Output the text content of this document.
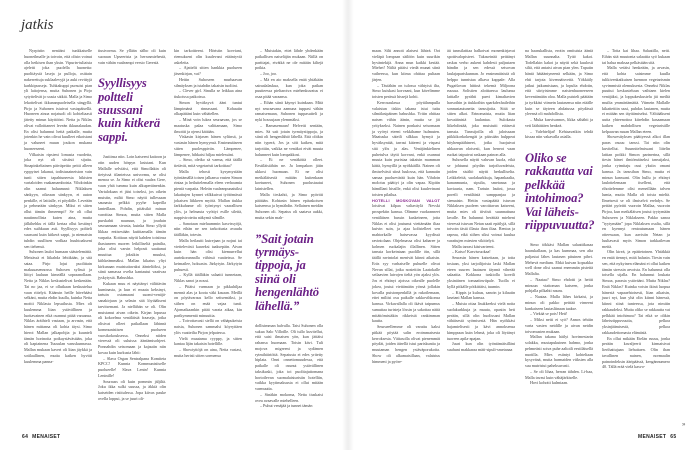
jatkis

Nyrpistin nenääni tunkkaiselle huoneilmalle ja toivoin, että olisin voinut olla hetkisen ihan yksin. Vipurin-tuliaisia ajeletti joka puolella huonetta: puolitäysiä laseja ja pulloja, osittain nakerrettuja suklaalevyjä ja auki revittyjä karkkipusseja. Tuhkakuppi pursuisi pian yli laitojensa, mutta Suhonen ja Pirjo sytyttelivät jo uusia sätkiä. Malla ja Simo lekottelivat ikkunanpuoleisella sängyllä. Pirjo ja Suhonen istuivat vastapäisellä. Huoneen ainoa nojatuoli oli kohteliaasti jätetty minun käyttööni. Netta ja Niklas olivat valloittaneet leveän ikkunalaudan. En olisi halunnut heitä paikalle, mutta jotenkin he vain olivat kuulleet etkoistani ja valuneet muun joukon mukana huoneeseeni.

Vilkaisin ripsieni lomasta vuodetta, joka nyt oli siististi sijattu. Sinapinkeltainen päiväpeitto peitti alleen ryppyiset lakanat, todistusaineiston vain tunti sitten tapahtuneesta hikisten vartaloiden vaakamamboista. Vihdoinkin olin saanut haluamani: Niklaksen sänkyyn, oikeaan sänkyyn, ei auton penkille, ei lattialle, ei pöydälle. Leveään ja pehmeään sänkyyn. Miksi ei sitten ollut tämän ihmeempi? Se oli ollut nautinnollista kuten aina, mutta jälkihehku ei tällä kertaa ollut kestänyt edes suihkuun asti. Syyllisyys poltteli suussani kuin kitkerä sappi, ja niemaisin tuhdin suullisen vodkaa huuhtoakseni sen tiehensä.

Suhonen lauloi humaan säästelemättä. Metsässä ei liikahda lehtikään, ja sitä sataa. Pirjo lojui puolittain makuuasennossa Suhosen sylissä ja liittyi lauluun kimeällä sopraanollaan. Netta ja Niklas keskustelivat keskenään. Tai no jaa, ei se ollutkaan keskustelua vaan riitelyä. Käänsin heille hävehääsi selkäni, mutta ehdin kuulla, kuinka Netta moitti Niklasta lepsuilusta. Mies oli kuulemma liian ystävällinen ja luottavainen eikä osannut pitää varaansa. Niklas äräihteli vastaan, ja arvasin, että hänen mittansa oli kohta täysi. Simo hieroi Mallan jalkapohjia ja kuunteli tämän horinoita poikaystävästään, joka oli kapiainena Tuusulan varuskunnassa. Mallan mukaan kaveri oli liian jäykkä ja sotilaallinen, mutta kaiken hyvitti kuulemma panna-

tiusivorma. Se yllään sälbo oli kuin suoraan Upseerista ja herrasmiehestä, vain vähän vaaleampi versio Gerestä.

Syyllisyys poltteli suussani kuin kitkerä sappi.

Justiinsa niin. Loin katseeni kattoon ja otin uuden hörpyn lasistani. Kun Mallalle selviäisi, että Simollakin oli tietyissä tilanteissa univormu, se olisi menoa se. Ja Simo ei olisi vaalea Gere, vaan yhtä tumma kuin alkuperäinenkin. Vartalokaan ei jäisi toiseksi, jos oikein muistin, miltä Simo näytti tullessaan saunasta pelkkä pyyhe kapeilla lanteillaan. Pohdin, pitäisikö minun varoittaa Simoa, mutta sitten Malla purskahti nauruun, ja jouduin seuraamaan sivusta, kuinka Simo yllytti likkaa entisestään kutittamalla tämän varpaita. Koittaus näytti kahden toisiinsa ihastuneen nuoren leikilliseltä painilta, joka olisi varsin helposti saattanut muuttua joksikin muuksi, kiihkeämmäksi. Mallan kikatus yltyi kirkunaan muistuttavaksi äänteliöksi, ja siinä samassa ovelta kantautui vaativaa jyskytystä. Babushka.

Kukaan muu ei näyttänyt välittävän kuminasta, ja kun ei muuta keksinyt, tartuin ostamaani suomi-venäjä-sanakirjaan ja selasin sitä löytääkseni tarvitsemani. Ja niellähän se oli. Olin muistanut aivan oikein. Kirjan lopussa oli kokoelma venäläisiä fraaseja, jotka olisivat olleet paikallaan lähinnä kommunistisen puolueen vuosikokouksessa. Onneksi niiden vieressä oli suluissa ääntämisohjeet. Ponnahdin seisomaan ja kajautin niin kovaa kuin kurkusta lähti:

– Slava Organ Sentralpana Komiteta KPCC! Kunnia Kommunistiselle puolueelle! Slava Lenin! Kunnia Leninille!

Sourauss oli kuin pommin jäljiltä. Joku ikka sulki suussa, ja äkkiä olin katseiden ristitulessa. Jopa kiivas pauke ovella loppui, ja se juuri oli-

kin tarkoitteeni. Höristin korviani, riemukseni olin kuulevani etääntyviä askeleita.

– Ajattelit sitten hankkia puolueen jäsenkirjan, vai?

Heitin Suhoseen murhaavan silmäyksen ja istahdin takaisin tuoliini.

– Clever girl. Sinulla se leikkaa aina tiukoissa paikoissa.

Simon hyväksyvä ääni tuntui lämpimänä rinnassani. Kohautin olkapäitäni kuin vähätellen.

– Minä voin lukea seuraavan, jos se maatuska palaa valittamaan, Simo ilmoitti ja ojensi kättään.

Viskasin kirjasen hänen syliinsä, ja vastasin hänen hymyynsä. Ensimmäiseen sitten puolesppivän. Lämpenee, lämpenee, hihkaisi hiljaa mielessäni.

– Simo, oletko sä varma, että täällä tietävät, mitä vegetaristi tarkoittaa?

Malla tehosti kysymystään työntämällä toisen jalkansa vasten Simon rintaa ja heiluttelemalla eleen verhoamia pieniä varpaita. Heleän vaaleanpunaisiksi lakattujen kynnet välkkuivat työtömässä jokaisen liikkeen myötä. Mallan tiukka farkkuhame oli työntynyt vaarallisen ylös, ja helmasta vyöttyi esille sileitä, nappivirotettu näkymä silmille.

– Sanotaan mieluummin kasvissyöjä, niin eihän ne sen tarkoitusta avaudu täälläkin, totesin.

Malla heilautti kutrejaan ja nojasi tai viettelevästi kaareksi taaksepäin. Aivan kuin hän olisi kiemurrellut aurinkorannalla vähissä vaatteissa. Se keimailee, hoksasin. Järkytyin. Järkytyin puhuesti.

– Kyllä täälläkin salaatti tunnetaan, Niklas sanoi ja nousi.

– Pitäisi varmaan jo pikkuhiljaa mennä alas ja koota väki kasaan. Meillä on pöytävaraus kello seitsemäksi, ja siihen on enää vajaa tunti. Ajomatkaankin pitää varata aikaa, kin parikymmentä minuuttia.

– Toivottavasti siellä on vähäpukeisia naisia, Suhonen sammalsi köyryttäen ylös vaatteilta Pirjon jelpatessa.

Vielä muutama ryyppy, ja sitten kantaa lijän takaisin hotellille.

– Showtyttöjä on aina, Netta vastasi, mutta heristi sitten sormensa

– Muistakin, ettet lähde yhdenkään paikallisen naiseläjän mukaan. Niillä on parittajat, eivätkä ne ole mitään kiltejä poikia.

– Joo, joo.

– Mä en aio maksella enää yhtäkään sairaalalaskua, kun joka paikan puutteessa pieltaroiva miehenkuvatus ei osaa pitää varaansa.

– Eihän siinä käynyt kuinkaan. Mitä nyt seuraavana aamuna tuppasi vähän ramaisemaan, Suhonen tuppasutteli ja nyki housujaan ylemmäksi.

– Ramasemaan! Helvetti sentään, mies. Sä sait jotain tyrmäystippoja, ja siinä oli hengenlähtö lähellä. Että olitkin niin typerä, Jos ja söit kaiken, mitä tarjottiin, vaikka ne venäkot eivät muuta halunneet kuin lompakkosi.

– Ei ne venäköitä olleet. Eestiläisiähän ne. Ja lompakon jätin ukkosi huomaan. Ei ne olisi meikäläisestä mitään kuitenkaan koetuneet, Suhonen puolustautui lainistellen.

Malla tirskahti, ja Simo pyöritti päätään. Kohtasin hänen epäuskoisen katseensa ja hymähdin. Sellainen meidän Suhonen oli. Sepaius oli saatava aukki, mutta sekin mah-

”Sait jotain tyrmäys-tippoja, ja siinä oli hengenlähtö lähellä.”

dollisimman halvalla. Taisi Suhonen olla sukua Salo Villoille. Oli tullo kuvitellut, että saisi ilmaisen yön, kun jättäisi rahansa huomaan. Toisin kävi. Tuli mojova migreeni ja sydämen rytmihäiriöitä. Sepaiusta ei edes yritetty hiplata. Onni onnettomuudessa, että paikalle oli osunut ystävällinen taksikuski, joka toi puolitajuttomana hortoilevan suomalaisturistin hotelliin, vaikka kyytimaksusta ei ollut mitään varmuutta.

– Sinäkin mokoma, Netta tiuskaisi ovea avaavalle miehelleen.

– Puhut venäjää ja tunnet tämän

64 MENAISET

maan. Silti annoit alaisesi lähteä. Oot vieläpä lompsan säilöön kuin suurikin hyväntekijä. Anna mun kaikki kestää. Miehet! Niiltä pitäisi viedä munat siinä vaiheessa, kun kiima ohittaa pultaan järjen.

– Tästähän on tulossa vähtyisä ilta, Simo kuiskasi korvaani, kun kävelimme toisten perässä hissejä kohti.

Kerrosaulassa pöytälampulla valaistun tiskin takana istui tuttu silmälasipäinen babushka. Yritin ohittaa naisen vähin äänin, mutta se jäi yritykseksi. Nainen ponkaisi seisomaan ja vyöryi eteeni vekkihame hulmuten. Maatuska säteili silkkaa hymyä ja hyväksyntää, tarrasi käteeni ja vispasi sitä ylös ja alas. Venäjänkielinen puhetulva täytti korvani, enkä osannut muuta kuin puristaa takaisin mamman kättä, hymyillä ja nyökkäillä. Nainen oli ilmiselvästi siinä luulossa, että kannatin samaa puoluevärää kuin hän. Vihdoin molotus päättyi ja olin vapaa. Kipitin hämillani hissille, enkä olisi kuulevinani toisten pilailua.

HOTELLI MOSKOVAN VALOT loistivat kilpaa valtaväylä Nevski prospektin kanssa. Olimme vuokranneet venäläisen bussin kuskeineen, jotta Niklas ei olisi joutunut viettämään iltaa kuivin suin, ja ajaa kolistelleet sen mahtorkalle haisevassa kyydissä ravintolaan. Ohjelmassa olisi kabaree ja kolmen ruokalajin illallinen. Sitten tanssia korkeintaan puolille öin, sillä täällä ravintolat menivät kiinni aikaisin. Eräs syy varhaiselle puhuelle olivat Nevan sillat, jotka nostettiin Laatokalle seilaavien laivojen tieltä yön ajaksi ylös. Jos ei ehtinyt ajoissa oikealle puolelle jokea, joutui viettämään yönsä jollakin kovalla puistonpenkillä ja rukoilemaan, ettei miliisi osu paikalle sakkovihkonsa kanssa. Virkavallalla oli ikävä taipumus sumuttaa turisteja lössin ja sakottaa näitä mitättömistäkin rikkeistä rankimman kautta.

Seurueellemme oli varattu kaksi pitkää pöytää salin eroimmaisesta kerroksesta. Väitasolla olivat pienemmät pöydät, joiden äärellä istui pariskuntia ja muutaman hengen ystäväporukoita. Show oli alkamaisillaan, valaistus himmeni ja pyöre-

ää tanssilattiaa halkoivat monenkirjavat spottivalopisteet. Takaseinää peittänyt raskas verho aukeni kahdesti paljastaen bändin ja sen edessä seisovan laulajapariskunnan. Jo ensimmäisistä oli helppo tunnistaa alkava kappale: Alla Pugatšovan hittinä tekemä Miljoona ruusua. Solistien aloittaessa laulunsa lattialle pyrähti parvi kimaltavien harsoihin ja tiukkoihin sparkdexhaileihin sonnustautuneita tanssijoita. Siitä se sitten alkoi. Erinomaista, mutta liian kovaäänistä laulantaa. Sulokasta liikehdintää, joka muistutti etäisesti tanssia. Tanssijoilla oli jaloissaan piikkikorkokengät ja päissään hulppeat höyhenpäähineet, jotka huojuivat uhkaavan oloisesti, kun heneot vaan ruokat taipuivat raskaan painon alla.

Suhosella näytti valuvan kuola, eikä se johtunut pöydän tarjoiluvadeista, joiden sisältö näytti herkulliselta. Leikkeleitä, suolakurkkuja, hapankaalia, kananmunia, sipulia, smetanaa ja kaviaaria, nam. Tartuin lasiini, jossa poreili venäläistä samppanjaa ja siemaisin. Heitin vastapäätä istuvan Niklaksen puoleen varoittavan katseeni, mutta mies oli tiiviisti suunnattuna lavalle. En halunnut herättää mieheni vieressä istuvan Netan saati epäilyjä, sillä toivoin tästä illasta ihan iltaa. Rentoa ja rapeaa, eikä siihen siksi voinut kuulua varattujen miesten vikittelyä.

Malla tarrasi käsivarteeni.

– Katso! Kasvisruokaa!

Seurasin hänen katsettaan, ja totta tosiaan, yksi tarjoilijoista laski Mallan eteen suuren lautasen täynnä vihreää salaattia. Kokkona tuskiolla koreili yksinäinen tomaatinviipale. Tuolla ei kyllä pitkälle pötkittäisi, tuumin.

– Kippis ja kulaus, sanoin ja kilautin laseiani Mallan kanssa.

– Muista ottaa lisukkeeksi vielä noita suolakurkkuja ja muuta, opastin heti perään, sillä olin huolissani Mallan vähäisestä syömisestä. Hän nyökkäsi hajamielisesti ja kävi annoksensa kimppuun kuin lehmä, joka oli löytänyt tuoreen apila-apajan.

Juuri kun olin työntämäisilläni suuhuni makkaraa mäti-sipuli-smetanaa

na haarukallista, erotin omituisia ääniä Mallan suunnalta. Tyttö kakoi. Todellakin kakoi ja näytti sekä kuulosti siltä, että antaisi aivan pian ylen. Taputin häntä hätääntyneenä selkään, ja Simo ehti tarjota kivennäisvettä. Yökkäily jatkui jatkumistaan, ja lopulta ehdotin, että siirtyisimme naistenhuoneeseen keventämään oloa. Malla puisteli päätään ja tyrkkäsi viimein lautasensa niin etäälle kuin se täyteen ahdatussa pöydässä yleensä oli mahdollista.

– Muka kasvisannos, likka sähähti ja veti läähättäen henkeä.

– Valehtelijat! Kehtaavatkin tehdä kissaa niin vakavalla asialla.

Oliko se rakkautta vai pelkkää intohimoa? Vai läheis-riippuvuutta?

Simo tökkäsi Mallan salaattikasaa haarukallaan, ja kas kummaa, sen alta paljastui lähes lautasen pituinen pihvi. Mehevä medium. Ehkä kuivan kopsakka well done olisi saanut enemmän pisteitä Mallalta.

– Naataa? Simo ehdotti ja heitti minuun viattoman katseen, jonka pohjalla pilkahti nauru.

– Naataa. Malla lähes kirkaisi, ja minun oli pakko peittää virneeni kankaiseen lautasliinaan taakse.

– Viekää se pois! Heti!

– Miksi neiti ei syö? Annos tehtiin varta vasten neidille ja aivan neidin toivomusten mukaan.

Mallan takana häilyi hovimestarin solakka, mustapukuinen hahmo, jonka pehmeästi soiva puhe aaltoili eestiläisellä nuotilla. Mies esiintyi kohteliaan kysyvänä, mutta harmaiden viiksien alla suu mutristui paheksuvasti.

– Se oli lihaa, herran tähden. Li-haa, Malla tavasi kuin vähäjärkiselle.

Hovi kohotti kulmiaan.

– Totta kai lihaa. Salaatilla, neiti. Eihän sitä muutonta salaattia syö kukaan tai halua maksaa pelkästään sitä.

Malla vetäisi henkeään, ja arvasin, että kohta saisimme kuulla tulikivenkatkuisen luennon vegetarismin syvimmistä olemuksesta. Onneksi Niklas puuttui keskusteluun vaihtaen kielen venäjäksi, ja loppukeskustelu jäi meiltä muilta ymmärtämättä. Viimein Mallalle kikattettiin uusi, puhdas lautanen, mutta ei mitään sen täyttämiseksi. Välttääkseni uutta yhteenottoa kiirehdin kasaamaan kaiken mahdollisen vegetaristille kelpaavan ruuan Mallan eteen.

Showesityksen päättyessä alkoi illan paras osuus: tanssi. Tai niin olin kuvitellut. Suunnitelmissani liitelin lattian poikki Simon partnerina, sillä tiesin hänet ilmiömäiseksi tanssijaksi, jonka rytmitaju osui yksiin omani kanssa. Ja tanssihan Simo, mutta ei minun kanssani. Olin hullu jo ehtinyt laulottelemaan itselleni, että rihottelemme olisi meneillään talven lumia, mutta Malla oli toista mieltä. Ilmeisesti se oli ilmiselvä erehdys. Se pettäri pyöritti vuoroin Mallaa, vuoroin Pirjoa, kun meikäläisen joutui tyytymään Suhoseen ja Niklakseen. Pakko sanoa ”tyytymään” jopa Niklaksen osalta, sillä en kyennyt rentoutumaan hänen otteessaan, kun aavistin Netan ja luultavasti myös Simon tarkkailevan meitä.

Olin kireä, ja epätietoinen. Yhtäkkiä en enää tiennyt, mitä halusin. Tiesin vain sen, että nykyinen elämäni ei ollut kaiken tämän stressin arvoista. En halunnut olla toisella sijalla. En halunnut loukata Simoa, parasta ystävääni. Mutta Niklas? Entä Niklas? Kuinka voisin ikinä luopua hänestä vapaaehtoisesti, liian aikaisin, juuri nyt, kun yhä olin kiinni hänessä, kiinni siinä tunteessa, jota nimitin rakkaudeksi. Mutta oliko se rakkautta vai pelkkää intohimoa? Tai eikä se olikin läheisriippuvuutta, pelkoa yksinjäämisestä, pelkoa rakkaudettomasta elämästä.

En ollut mikään Etelän ruusu, jonka perään kavaljeerit kirmaisivat lierihattujaan liehuttaen. Olin ihan tavallinen nainen, normaalin painoindeksin ääripäässä, kengännumero 40. Tällä erää vielä kasvo-

MENAISET 65
»
